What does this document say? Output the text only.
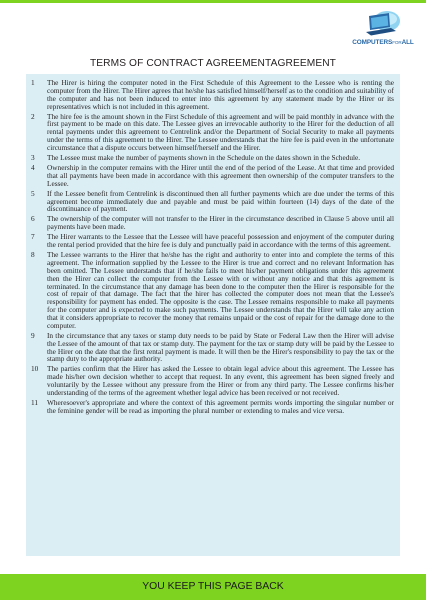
COMPUTERSFORALL
TERMS OF CONTRACT AGREEMENTAGREEMENT
1	The Hirer is hiring the computer noted in the First Schedule of this Agreement to the Lessee who is renting the computer from the Hirer. The Hirer agrees that he/she has satisfied himself/herself as to the condition and suitability of the computer and has not been induced to enter into this agreement by any statement made by the Hirer or its representatives which is not included in this agreement.
2	The hire fee is the amount shown in the First Schedule of this agreement and will be paid monthly in advance with the first payment to be made on this date. The Lessee gives an irrevocable authority to the Hirer for the deduction of all rental payments under this agreement to Centrelink and/or the Department of Social Security to make all payments under the terms of this agreement to the Hirer. The Lessee understands that the hire fee is paid even in the unfortunate circumstance that a dispute occurs between himself/herself and the Hirer.
3	The Lessee must make the number of payments shown in the Schedule on the dates shown in the Schedule.
4	Ownership in the computer remains with the Hirer until the end of the period of the Lease. At that time and provided that all payments have been made in accordance with this agreement then ownership of the computer transfers to the Lessee.
5	If the Lessee benefit from Centrelink is discontinued then all further payments which are due under the terms of this agreement become immediately due and payable and must be paid within fourteen (14) days of the date of the discontinuance of payment.
6	The ownership of the computer will not transfer to the Hirer in the circumstance described in Clause 5 above until all payments have been made.
7	The Hirer warrants to the Lessee that the Lessee will have peaceful possession and enjoyment of the computer during the rental period provided that the hire fee is duly and punctually paid in accordance with the terms of this agreement.
8	The Lessee warrants to the Hirer that he/she has the right and authority to enter into and complete the terms of this agreement. The information supplied by the Lessee to the Hirer is true and correct and no relevant Information has been omitted. The Lessee understands that if he/she fails to meet his/her payment obligations under this agreement then the Hirer can collect the computer from the Lessee with or without any notice and that this agreement is terminated. In the circumstance that any damage has been done to the computer then the Hirer is responsible for the cost of repair of that damage. The fact that the hirer has collected the computer does not mean that the Lessee's responsibility for payment has ended. The opposite is the case. The Lessee remains responsible to make all payments for the computer and is expected to make such payments. The Lessee understands that the Hirer will take any action that it considers appropriate to recover the money that remains unpaid or the cost of repair for the damage done to the computer.
9	In the circumstance that any taxes or stamp duty needs to be paid by State or Federal Law then the Hirer will advise the Lessee of the amount of that tax or stamp duty. The payment for the tax or stamp duty will be paid by the Lessee to the Hirer on the date that the first rental payment is made. It will then be the Hirer's responsibility to pay the tax or the stamp duty to the appropriate authority.
10	The parties confirm that the Hirer has asked the Lessee to obtain legal advice about this agreement. The Lessee has made his/her own decision whether to accept that request. In any event, this agreement has been signed freely and voluntarily by the Lessee without any pressure from the Hirer or from any third party. The Lessee confirms his/her understanding of the terms of the agreement whether legal advice has been received or not received.
11	Wheresoever's appropriate and where the context of this agreement permits words importing the singular number or the feminine gender will be read as importing the plural number or extending to males and vice versa.
YOU KEEP THIS PAGE BACK
